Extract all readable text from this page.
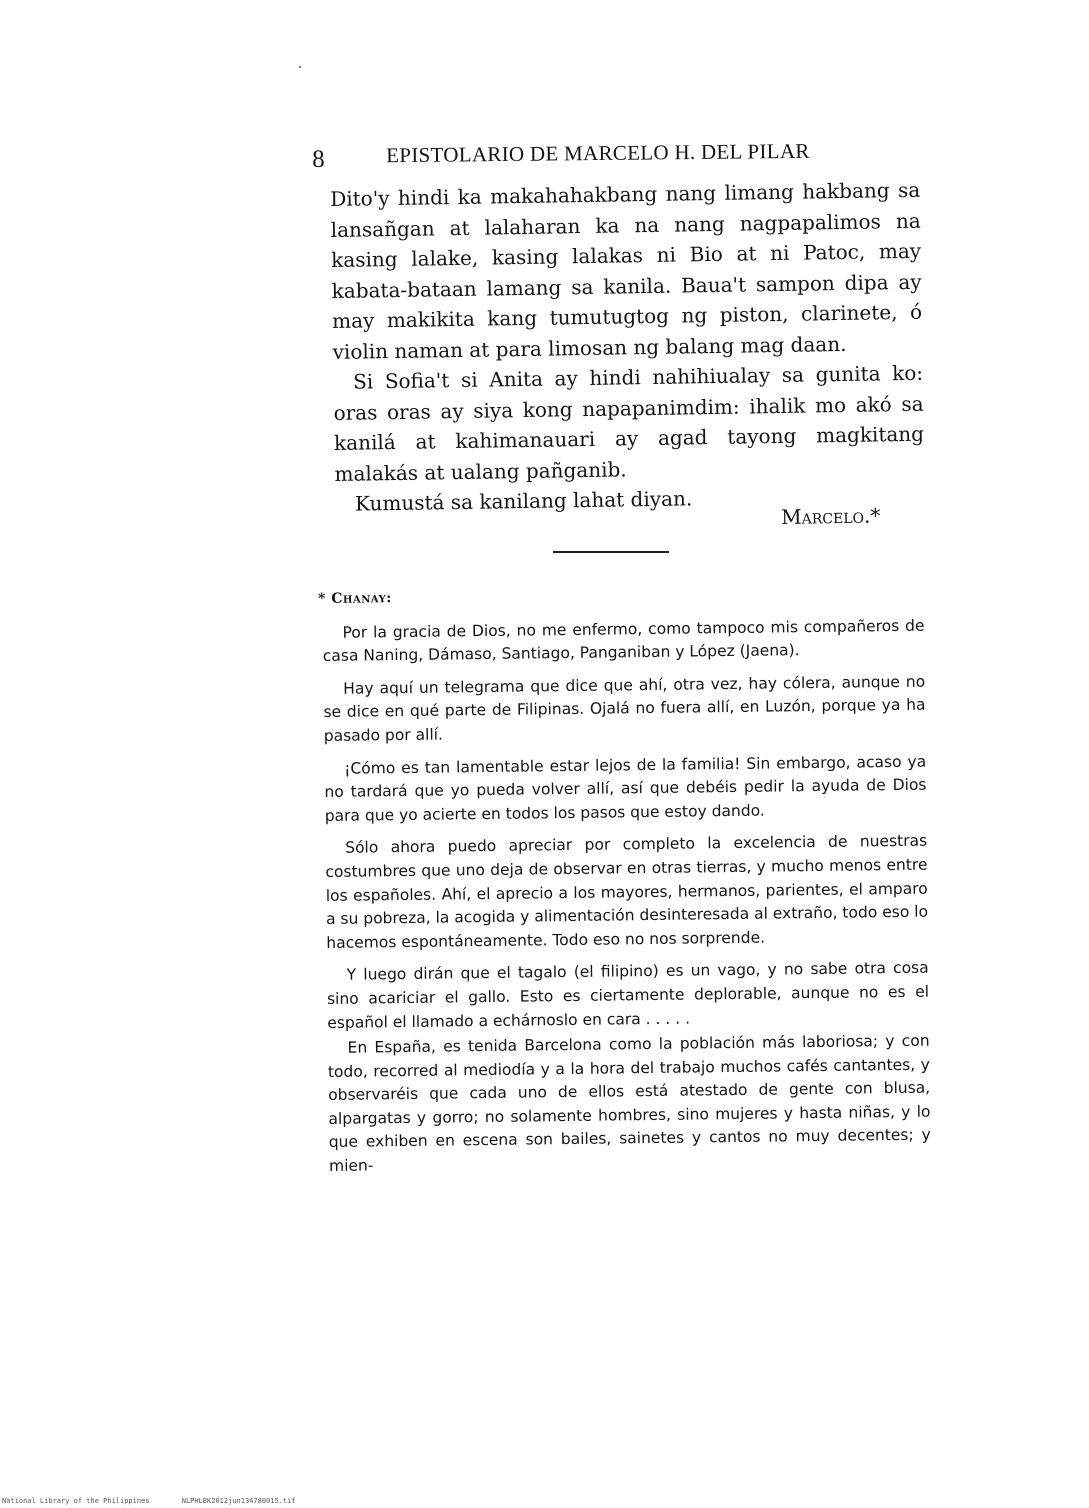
8	EPISTOLARIO DE MARCELO H. DEL PILAR

Dito'y hindi ka makahahakbang nang limang hakbang sa lansañgan at lalaharan ka na nang nagpapalimos na kasing lalake, kasing lalakas ni Bio at ni Patoc, may kabata-bataan lamang sa kanila. Baua't sampon dipa ay may makikita kang tumutugtog ng piston, clarinete, ó violin naman at para limosan ng balang mag daan.

Si Sofia't si Anita ay hindi nahihiualay sa gunita ko: oras oras ay siya kong napapanimdim: ihalik mo akó sa kanilá at kahimanauari ay agad tayong magkitang malakás at ualang pañganib.

Kumustá sa kanilang lahat diyan.

Marcelo.*
* Chanay:

Por la gracia de Dios, no me enfermo, como tampoco mis compañeros de casa Naning, Dámaso, Santiago, Panganiban y López (Jaena).

Hay aquí un telegrama que dice que ahí, otra vez, hay cólera, aunque no se dice en qué parte de Filipinas. Ojalá no fuera allí, en Luzón, porque ya ha pasado por allí.

¡Cómo es tan lamentable estar lejos de la familia! Sin embargo, acaso ya no tardará que yo pueda volver allí, así que debéis pedir la ayuda de Dios para que yo acierte en todos los pasos que estoy dando.

Sólo ahora puedo apreciar por completo la excelencia de nuestras costumbres que uno deja de observar en otras tierras, y mucho menos entre los españoles. Ahí, el aprecio a los mayores, hermanos, parientes, el amparo a su pobreza, la acogida y alimentación desinteresada al extraño, todo eso lo hacemos espontáneamente. Todo eso no nos sorprende.

Y luego dirán que el tagalo (el filipino) es un vago, y no sabe otra cosa sino acariciar el gallo. Esto es ciertamente deplorable, aunque no es el español el llamado a echárnoslo en cara . . . . .

En España, es tenida Barcelona como la población más laboriosa; y con todo, recorred al mediodía y a la hora del trabajo muchos cafés cantantes, y observaréis que cada uno de ellos está atestado de gente con blusa, alpargatas y gorro; no solamente hombres, sino mujeres y hasta niñas, y lo que exhiben en escena son bailes, sainetes y cantos no muy decentes; y mien-

National Library of the Philippines	NLPHLBK2012jun134780015.tif
